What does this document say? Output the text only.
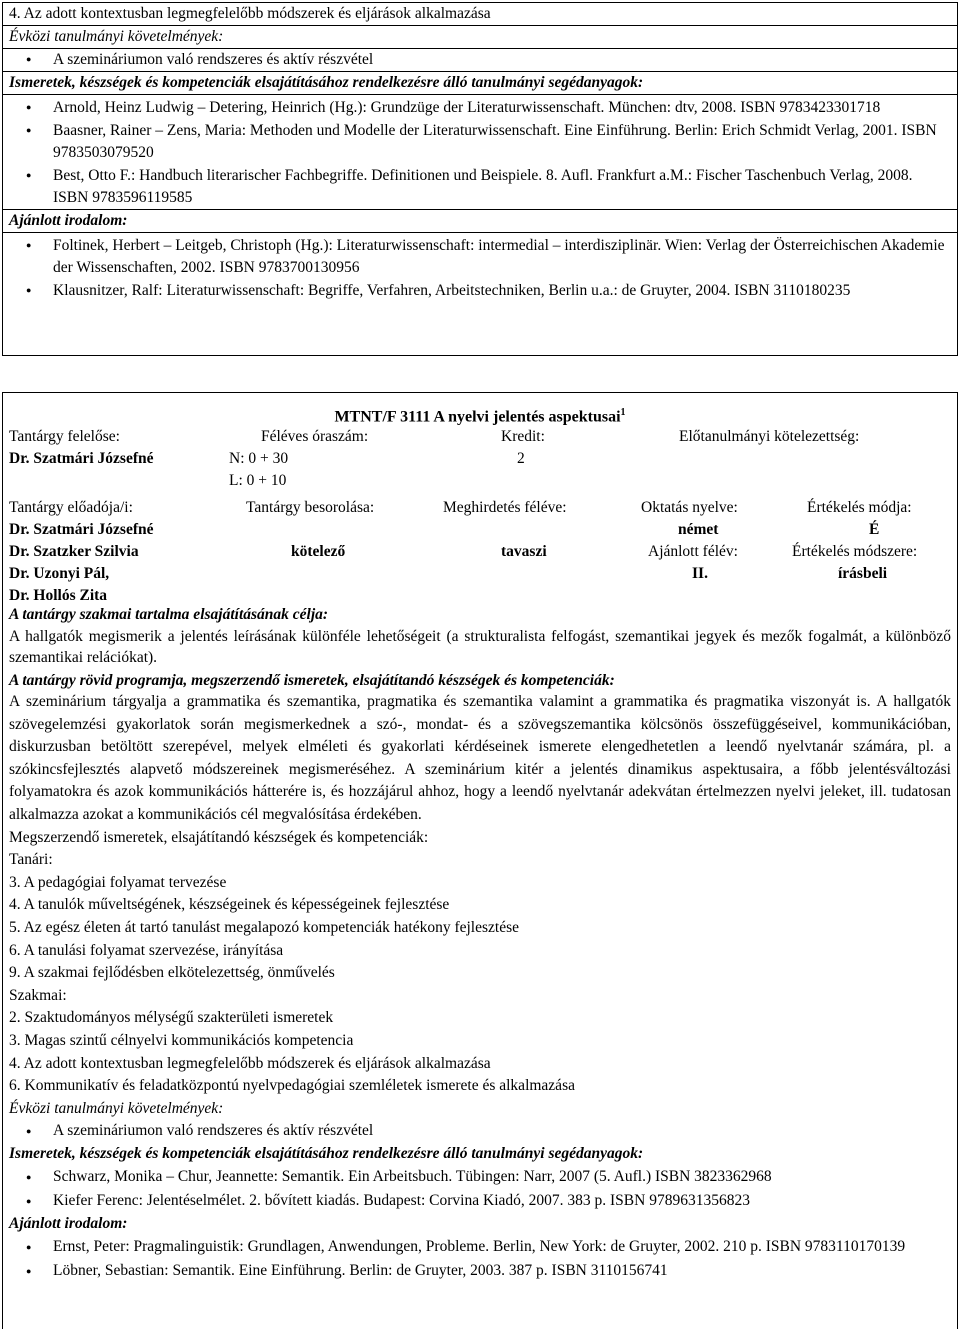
4. Az adott kontextusban legmegfelelőbb módszerek és eljárások alkalmazása
Évközi tanulmányi követelmények:
● A szemináriumon való rendszeres és aktív részvétel
Ismeretek, készségek és kompetenciák elsajátításához rendelkezésre álló tanulmányi segédanyagok:
● Arnold, Heinz Ludwig ‒ Detering, Heinrich (Hg.): Grundzüge der Literaturwissenschaft. München: dtv, 2008. ISBN 9783423301718
● Baasner, Rainer ‒ Zens, Maria: Methoden und Modelle der Literaturwissenschaft. Eine Einführung. Berlin: Erich Schmidt Verlag, 2001. ISBN 9783503079520
● Best, Otto F.: Handbuch literarischer Fachbegriffe. Definitionen und Beispiele. 8. Aufl. Frankfurt a.M.: Fischer Taschenbuch Verlag, 2008. ISBN 9783596119585
Ajánlott irodalom:
● Foltinek, Herbert ‒ Leitgeb, Christoph (Hg.): Literaturwissenschaft: intermedial ‒ interdisziplinär. Wien: Verlag der Österreichischen Akademie der Wissenschaften, 2002. ISBN 9783700130956
● Klausnitzer, Ralf: Literaturwissenschaft: Begriffe, Verfahren, Arbeitstechniken, Berlin u.a.: de Gruyter, 2004. ISBN 3110180235
MTNT/F 3111 A nyelvi jelentés aspektusai$^1$
Tantárgy felelőse:
Dr. Szatmári Józsefné
Féléves óraszám:
N: 0 + 30
L: 0 + 10
Kredit:
2
Előtanulmányi kötelezettség:
Tantárgy előadója/i:
Dr. Szatmári Józsefné
Dr. Szatzker Szilvia
Dr. Uzonyi Pál,
Dr. Hollós Zita
Tantárgy besorolása:
kötelező
Meghirdetés féléve:
tavaszi
Oktatás nyelve:
német
Ajánlott félév:
II.
Értékelés módja:
É
Értékelés módszere:
írásbeli
A tantárgy szakmai tartalma elsajátításának célja:
A hallgatók megismerik a jelentés leírásának különféle lehetőségeit (a strukturalista felfogást, szemantikai jegyek és mezők fogalmát, a különböző szemantikai relációkat).
A tantárgy rövid programja, megszerzendő ismeretek, elsajátítandó készségek és kompetenciák:
A szeminárium tárgyalja a grammatika és szemantika, pragmatika és szemantika valamint a grammatika és pragmatika viszonyát is. A hallgatók szövegelemzési gyakorlatok során megismerkednek a szó-, mondat- és a szövegszemantika kölcsönös összefüggéseivel, kommunikációban, diskurzusban betöltött szerepével, melyek elméleti és gyakorlati kérdéseinek ismerete elengedhetetlen a leendő nyelvtanár számára, pl. a szókincsfejlesztés alapvető módszereinek megismeréséhez. A szeminárium kitér a jelentés dinamikus aspektusaira, a főbb jelentésváltozási folyamatokra és azok kommunikációs hátterére is, és hozzájárul ahhoz, hogy a leendő nyelvtanár adekvátan értelmezzen nyelvi jeleket, ill. tudatosan alkalmazza azokat a kommunikációs cél megvalósítása érdekében.
Megszerzendő ismeretek, elsajátítandó készségek és kompetenciák:
Tanári:
3. A pedagógiai folyamat tervezése
4. A tanulók műveltségének, készségeinek és képességeinek fejlesztése
5. Az egész életen át tartó tanulást megalapozó kompetenciák hatékony fejlesztése
6. A tanulási folyamat szervezése, irányítása
9. A szakmai fejlődésben elkötelezettség, önművelés
Szakmai:
2. Szaktudományos mélységű szakterületi ismeretek
3. Magas szintű célnyelvi kommunikációs kompetencia
4. Az adott kontextusban legmegfelelőbb módszerek és eljárások alkalmazása
6. Kommunikatív és feladatközpontú nyelvpedagógiai szemléletek ismerete és alkalmazása
Évközi tanulmányi követelmények:
● A szemináriumon való rendszeres és aktív részvétel
Ismeretek, készségek és kompetenciák elsajátításához rendelkezésre álló tanulmányi segédanyagok:
● Schwarz, Monika ‒ Chur, Jeannette: Semantik. Ein Arbeitsbuch. Tübingen: Narr, 2007 (5. Aufl.) ISBN 3823362968
● Kiefer Ferenc: Jelentéselmélet. 2. bővített kiadás. Budapest: Corvina Kiadó, 2007. 383 p. ISBN 9789631356823
Ajánlott irodalom:
● Ernst, Peter: Pragmalinguistik: Grundlagen, Anwendungen, Probleme. Berlin, New York: de Gruyter, 2002. 210 p. ISBN 9783110170139
● Löbner, Sebastian: Semantik. Eine Einführung. Berlin: de Gruyter, 2003. 387 p. ISBN 3110156741
